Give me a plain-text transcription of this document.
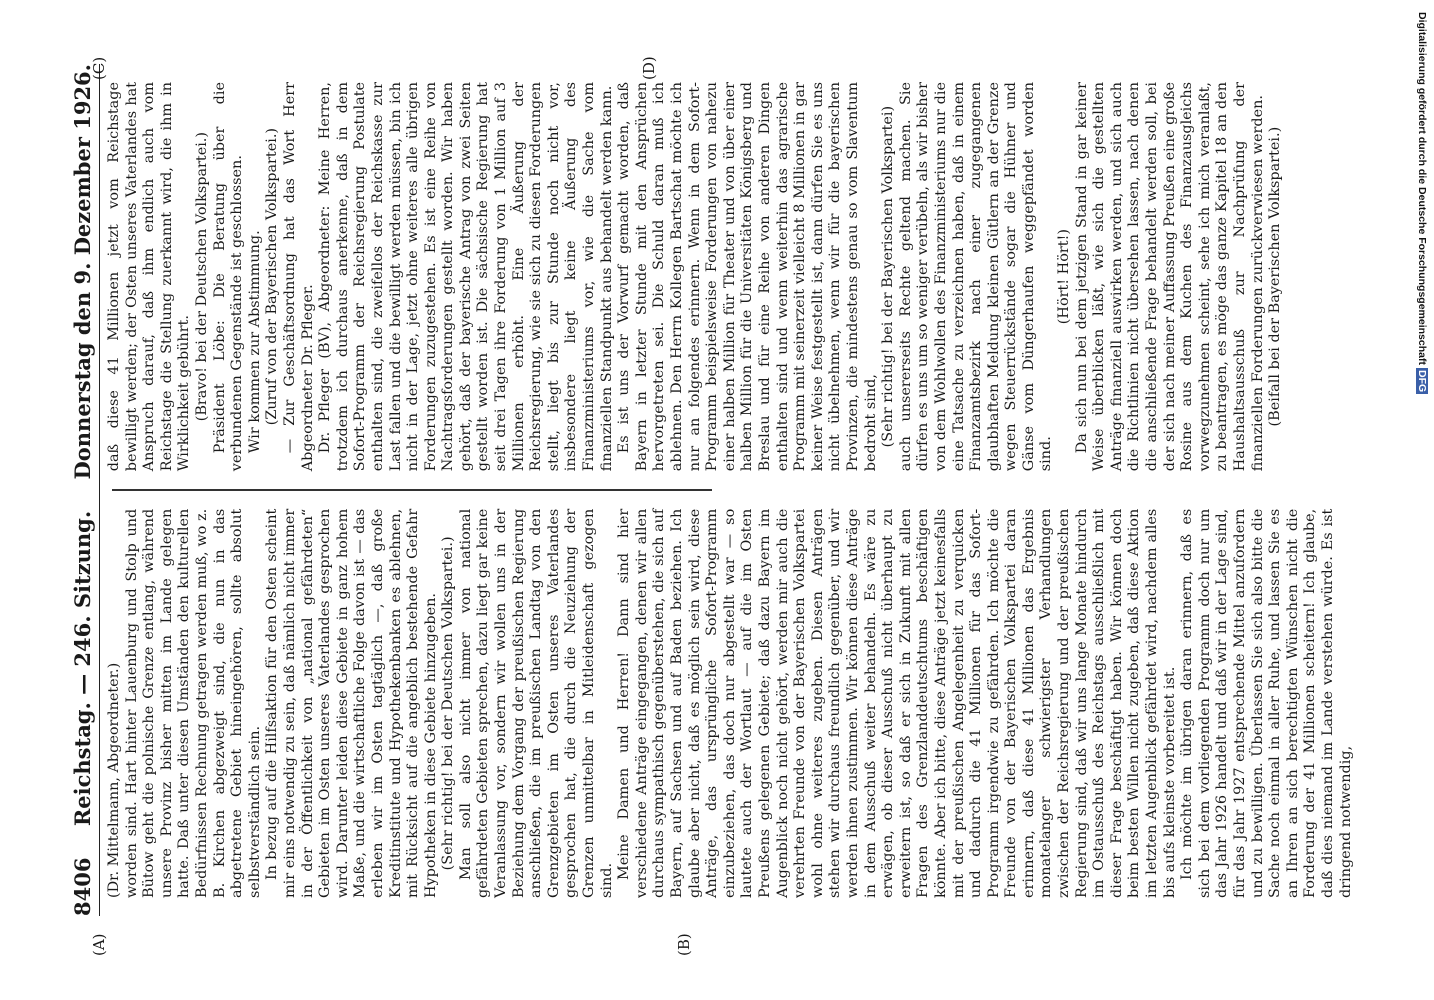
8406
Reichstag. — 246. Sitzung.
Donnerstag den 9. Dezember 1926.

(Dr. Mittelmann, Abgeordneter.) worden sind. Hart hinter Lauenburg und Stolp und Bütow geht die polnische Grenze entlang, während unsere Provinz bisher mitten im Lande gelegen hatte. Daß unter diesen Umständen den kulturellen Bedürfnissen Rechnung getragen werden muß, wo z. B. Kirchen abgezweigt sind, die nun in das abgetretene Gebiet hineingehören, sollte absolut selbstverständlich sein. In bezug auf die Hilfsaktion für den Osten scheint mir eins notwendig zu sein, daß nämlich nicht immer in der Öffentlichkeit von „national gefährdeten“ Gebieten im Osten unseres Vaterlandes gesprochen wird. Darunter leiden diese Gebiete in ganz hohem Maße, und die wirtschaftliche Folge davon ist — das erleben wir im Osten tagtäglich —, daß große Kreditinstitute und Hypothekenbanken es ablehnen, mit Rücksicht auf die angeblich bestehende Gefahr Hypotheken in diese Gebiete hinzugeben. (Sehr richtig! bei der Deutschen Volkspartei.) Man soll also nicht immer von national gefährdeten Gebieten sprechen, dazu liegt gar keine Veranlassung vor, sondern wir wollen uns in der Beziehung dem Vorgang der preußischen Regierung anschließen, die im preußischen Landtag von den Grenzgebieten im Osten unseres Vaterlandes gesprochen hat, die durch die Neuziehung der Grenzen unmittelbar in Mitleidenschaft gezogen sind.

Meine Damen und Herren! Dann sind hier verschiedene Anträge eingegangen, denen wir allen durchaus sympathisch gegenüberstehen, die sich auf Bayern, auf Sachsen und auf Baden beziehen. Ich glaube aber nicht, daß es möglich sein wird, diese Anträge, das ursprüngliche Sofort-Programm einzubeziehen, das doch nur abgestellt war — so lautete auch der Wortlaut — auf die im Osten Preußens gelegenen Gebiete; daß dazu Bayern im Augenblick noch nicht gehört, werden mir auch die verehrten Freunde von der Bayerischen Volkspartei wohl ohne weiteres zugeben. Diesen Anträgen stehen wir durchaus freundlich gegenüber, und wir werden ihnen zustimmen. Wir können diese Anträge in dem Ausschuß weiter behandeln. Es wäre zu erwägen, ob dieser Ausschuß nicht überhaupt zu erweitern ist, so daß er sich in Zukunft mit allen Fragen des Grenzlanddeutschtums beschäftigen könnte. Aber ich bitte, diese Anträge jetzt keinesfalls mit der preußischen Angelegenheit zu verquicken und dadurch die 41 Millionen für das Sofort-Programm irgendwie zu gefährden. Ich möchte die Freunde von der Bayerischen Volkspartei daran erinnern, daß diese 41 Millionen das Ergebnis monatelanger schwierigster Verhandlungen zwischen der Reichsregierung und der preußischen Regierung sind, daß wir uns lange Monate hindurch im Ostausschuß des Reichstags ausschließlich mit dieser Frage beschäftigt haben. Wir können doch beim besten Willen nicht zugeben, daß diese Aktion im letzten Augenblick gefährdet wird, nachdem alles bis aufs kleinste vorbereitet ist. Ich möchte im übrigen daran erinnern, daß es sich bei dem vorliegenden Programm doch nur um das Jahr 1926 handelt und daß wir in der Lage sind, für das Jahr 1927 entsprechende Mittel anzufordern und zu bewilligen. Überlassen Sie sich also bitte die Sache noch einmal in aller Ruhe, und lassen Sie es an Ihren an sich berechtigten Wünschen nicht die Forderung der 41 Millionen scheitern! Ich glaube, daß dies niemand im Lande verstehen würde. Es ist dringend notwendig,

daß diese 41 Millionen jetzt vom Reichstage bewilligt werden; der Osten unseres Vaterlandes hat Anspruch darauf, daß ihm endlich auch vom Reichstage die Stellung zuerkannt wird, die ihm in Wirklichkeit gebührt. (Bravo! bei der Deutschen Volkspartei.) Präsident Löbe: Die Beratung über die verbundenen Gegenstände ist geschlossen. Wir kommen zur Abstimmung. (Zuruf von der Bayerischen Volkspartei.) — Zur Geschäftsordnung hat das Wort Herr Abgeordneter Dr. Pfleger. Dr. Pfleger (BV), Abgeordneter: Meine Herren, trotzdem ich durchaus anerkenne, daß in dem Sofort-Programm der Reichsregierung Postulate enthalten sind, die zweifellos der Reichskasse zur Last fallen und die bewilligt werden müssen, bin ich nicht in der Lage, jetzt ohne weiteres alle übrigen Forderungen zuzugestehen. Es ist eine Reihe von Nachtragsforderungen gestellt worden. Wir haben gehört, daß der bayerische Antrag von zwei Seiten gestellt worden ist. Die sächsische Regierung hat seit drei Tagen ihre Forderung von 1 Million auf 3 Millionen erhöht. Eine Äußerung der Reichsregierung, wie sie sich zu diesen Forderungen stellt, liegt bis zur Stunde noch nicht vor, insbesondere liegt keine Äußerung des Finanzministeriums vor, wie die Sache vom finanziellen Standpunkt aus behandelt werden kann. Es ist uns der Vorwurf gemacht worden, daß Bayern in letzter Stunde mit den Ansprüchen hervorgetreten sei. Die Schuld daran muß ich ablehnen. Den Herrn Kollegen Bartschat möchte ich nur an folgendes erinnern. Wenn in dem Sofort-Programm beispielsweise Forderungen von nahezu einer halben Million für Theater und von über einer halben Million für die Universitäten Königsberg und Breslau und für eine Reihe von anderen Dingen enthalten sind und wenn weiterhin das agrarische Programm mit seinerzeit vielleicht 8 Millionen in gar keiner Weise festgestellt ist, dann dürfen Sie es uns nicht übelnehmen, wenn wir für die bayerischen Provinzen, die mindestens genau so vom Slaventum bedroht sind, (Sehr richtig! bei der Bayerischen Volkspartei) auch unsererseits Rechte geltend machen. Sie dürfen es uns um so weniger verübeln, als wir bisher von dem Wohlwollen des Finanzministeriums nur die eine Tatsache zu verzeichnen haben, daß in einem Finanzamtsbezirk nach einer zugegangenen glaubhaften Meldung kleinen Gütlern an der Grenze wegen Steuerrückstände sogar die Hühner und Gänse vom Düngerhaufen weggepfändet worden sind.

(Hört! Hört!) Da sich nun bei dem jetzigen Stand in gar keiner Weise überblicken läßt, wie sich die gestellten Anträge finanziell auswirken werden, und sich auch die Richtlinien nicht übersehen lassen, nach denen die anschließende Frage behandelt werden soll, bei der sich nach meiner Auffassung Preußen eine große Rosine aus dem Kuchen des Finanzausgleichs vorwegzunehmen scheint, sehe ich mich veranlaßt, zu beantragen, es möge das ganze Kapitel 18 an den Haushaltsausschuß zur Nachprüfung der finanziellen Forderungen zurückverwiesen werden. (Beifall bei der Bayerischen Volkspartei.)

(A)	(B)
(C)	(D)	Digitalisierung gefördert durch die Deutsche ForschungsgemeinschaftDFG
